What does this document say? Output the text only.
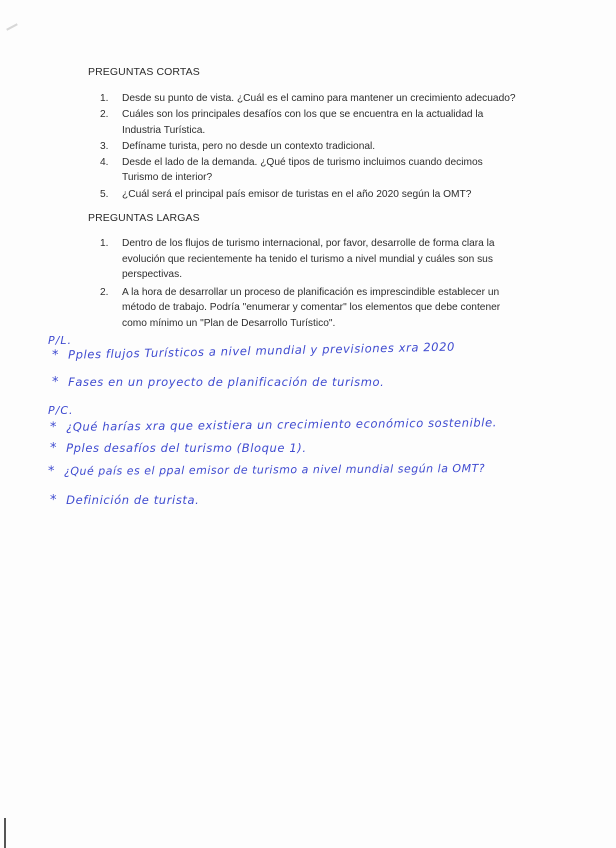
PREGUNTAS CORTAS
1. Desde su punto de vista. ¿Cuál es el camino para mantener un crecimiento adecuado?
2. Cuáles son los principales desafíos con los que se encuentra en la actualidad la Industria Turística.
3. Defíname turista, pero no desde un contexto tradicional.
4. Desde el lado de la demanda. ¿Qué tipos de turismo incluimos cuando decimos Turismo de interior?
5. ¿Cuál será el principal país emisor de turistas en el año 2020 según la OMT?
PREGUNTAS LARGAS
1. Dentro de los flujos de turismo internacional, por favor, desarrolle de forma clara la evolución que recientemente ha tenido el turismo a nivel mundial y cuáles son sus perspectivas.
2. A la hora de desarrollar un proceso de planificación es imprescindible establecer un método de trabajo. Podría "enumerar y comentar" los elementos que debe contener como mínimo un "Plan de Desarrollo Turístico".
P/L.
* Pples flujos Turísticos a nivel mundial y previsiones xra 2020
* Fases en un proyecto de planificación de turismo.
P/C.
* ¿Qué harías xra que existiera un crecimiento económico sostenible.
* Pples desafíos del turismo (Bloque 1).
* ¿Qué país es el ppal emisor de turismo a nivel mundial según la OMT?
* Definición de turista.
